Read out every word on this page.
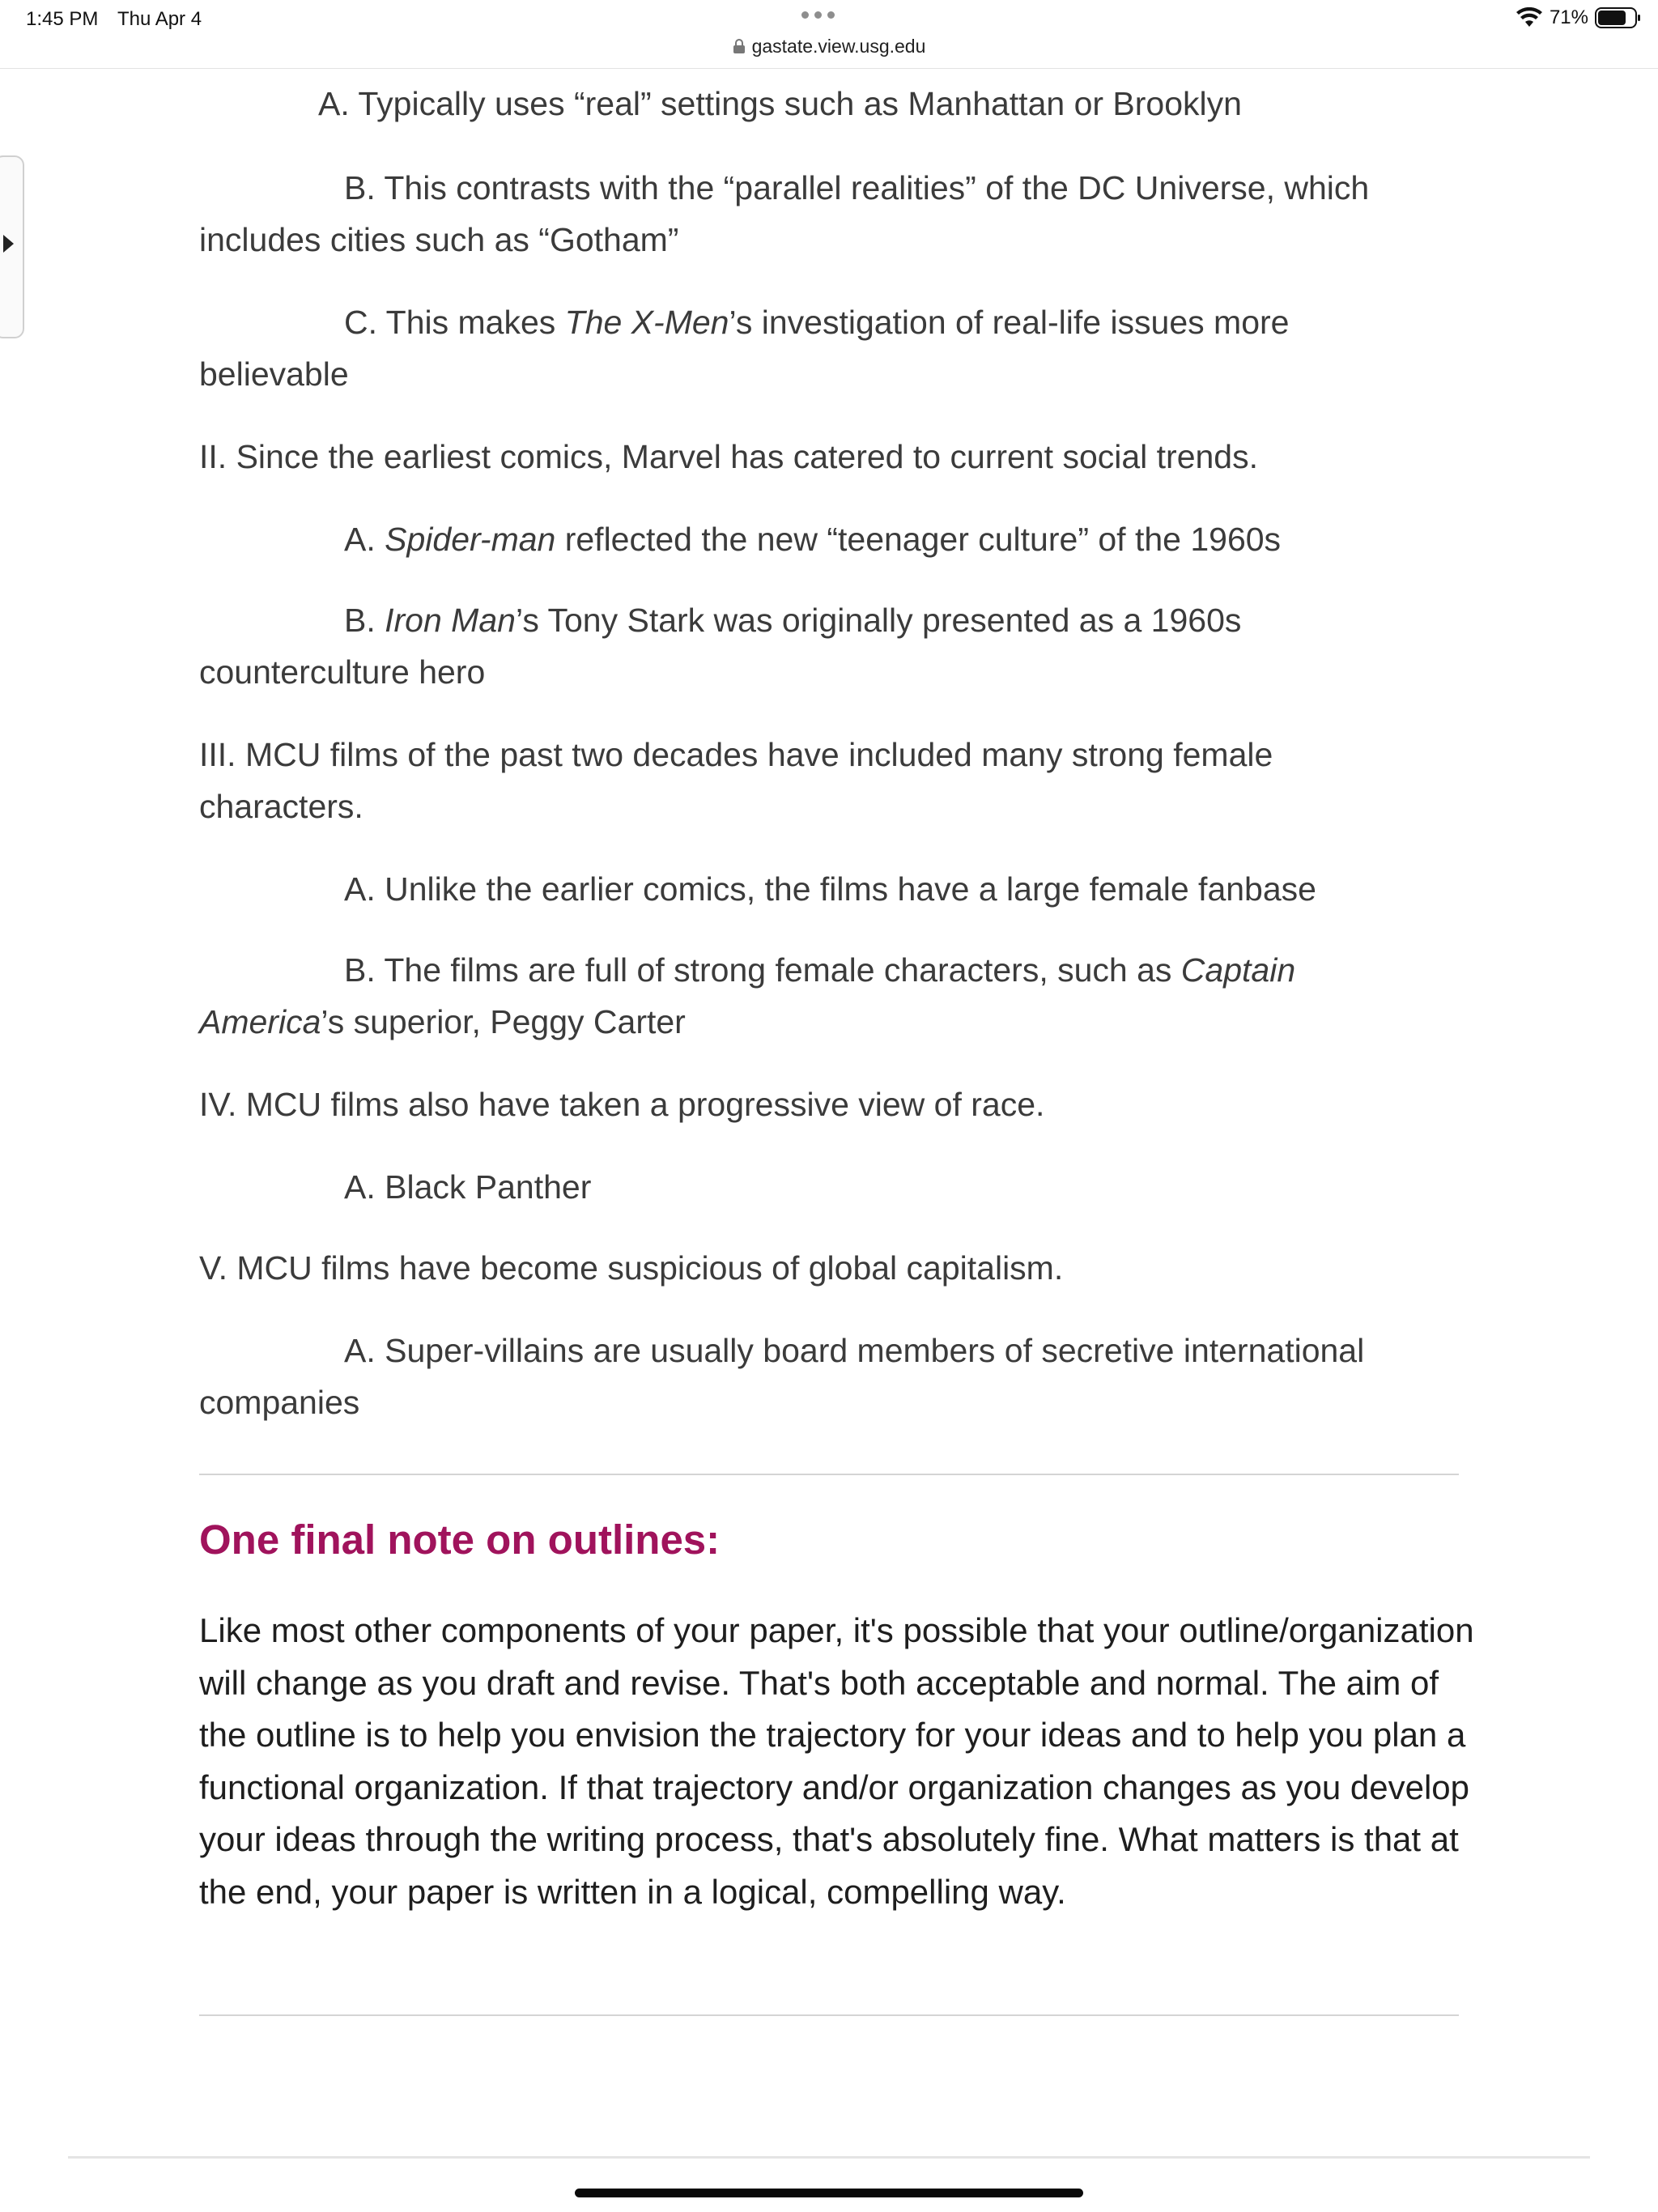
1:45 PM Thu Apr 4	71%
gastate.view.usg.edu
A. Typically uses “real” settings such as Manhattan or Brooklyn
B. This contrasts with the “parallel realities” of the DC Universe, which
includes cities such as “Gotham”
C. This makes The X-Men’s investigation of real-life issues more
believable
II. Since the earliest comics, Marvel has catered to current social trends.
A. Spider-man reflected the new “teenager culture” of the 1960s
B. Iron Man’s Tony Stark was originally presented as a 1960s
counterculture hero
III. MCU films of the past two decades have included many strong female
characters.
A. Unlike the earlier comics, the films have a large female fanbase
B. The films are full of strong female characters, such as Captain
America’s superior, Peggy Carter
IV. MCU films also have taken a progressive view of race.
A. Black Panther
V. MCU films have become suspicious of global capitalism.
A. Super-villains are usually board members of secretive international
companies
One final note on outlines:
Like most other components of your paper, it's possible that your outline/organization will change as you draft and revise. That's both acceptable and normal. The aim of the outline is to help you envision the trajectory for your ideas and to help you plan a functional organization. If that trajectory and/or organization changes as you develop your ideas through the writing process, that's absolutely fine. What matters is that at the end, your paper is written in a logical, compelling way.
